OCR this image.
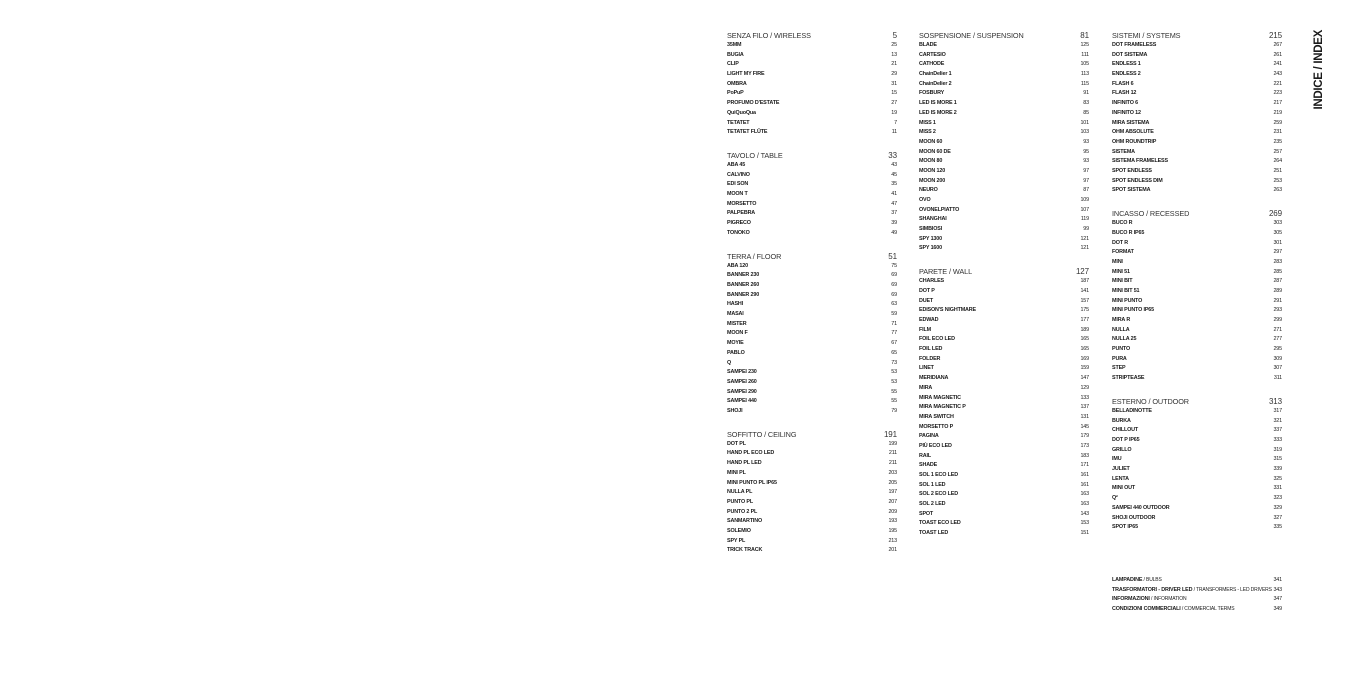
INDICE / INDEX
SENZA FILO / WIRELESS	5
35MM	25
BUGIA	13
CLIP	21
LIGHT MY FIRE	29
OMBRA	31
PoPuP	15
PROFUMO D'ESTATE	27
QuiQuoQua	19
TETATET	7
TETATET FLÛTE	11
TAVOLO / TABLE	33
ABA 45	43
CALVINO	45
EDI SON	35
MOON T	41
MORSETTO	47
PALPEBRA	37
PIGRECO	39
TONOKO	49
TERRA / FLOOR	51
ABA 120	75
BANNER 230	69
BANNER 260	69
BANNER 290	69
HASHI	63
MASAI	59
MISTER	71
MOON F	77
MOYIE	67
PABLO	65
Q	73
SAMPEI 230	53
SAMPEI 260	53
SAMPEI 290	55
SAMPEI 440	55
SHOJI	79
SOFFITTO / CEILING	191
DOT PL	199
HAND PL ECO LED	211
HAND PL LED	211
MINI PL	203
MINI PUNTO PL IP65	205
NULLA PL	197
PUNTO PL	207
PUNTO 2 PL	209
SANMARTINO	193
SOLEMIO	195
SPY PL	213
TRICK TRACK	201
SOSPENSIONE / SUSPENSION	81
BLADE	125
CARTESIO	111
CATHODE	105
ChainDelier 1	113
ChainDelier 2	115
FOSBURY	91
LED IS MORE 1	83
LED IS MORE 2	85
MISS 1	101
MISS 2	103
MOON 60	93
MOON 60 DE	95
MOON 80	93
MOON 120	97
MOON 200	97
NEURO	87
OVO	109
OVONELPIATTO	107
SHANGHAI	119
SIMBIOSI	99
SPY 1300	121
SPY 1600	121
PARETE / WALL	127
CHARLES	187
DOT P	141
DUET	157
EDISON'S NIGHTMARE	175
EDWAD	177
FILM	189
FOIL ECO LED	165
FOIL LED	165
FOLDER	169
LINET	159
MERIDIANA	147
MIRA	129
MIRA MAGNETIC	133
MIRA MAGNETIC P	137
MIRA SWITCH	131
MORSETTO P	145
PAGINA	179
PIÙ ECO LED	173
RAIL	183
SHADE	171
SOL 1 ECO LED	161
SOL 1 LED	161
SOL 2 ECO LED	163
SOL 2 LED	163
SPOT	143
TOAST ECO LED	153
TOAST LED	151
SISTEMI / SYSTEMS	215
DOT FRAMELESS	267
DOT SISTEMA	261
ENDLESS 1	241
ENDLESS 2	243
FLASH 6	221
FLASH 12	223
INFINITO 6	217
INFINITO 12	219
MIRA SISTEMA	259
OHM ABSOLUTE	231
OHM ROUNDTRIP	235
SISTEMA	257
SISTEMA FRAMELESS	264
SPOT ENDLESS	251
SPOT ENDLESS DIM	253
SPOT SISTEMA	263
INCASSO / RECESSED	269
BUCO R	303
BUCO R IP65	305
DOT R	301
FORMAT	297
MINI	283
MINI 51	285
MINI BIT	287
MINI BIT 51	289
MINI PUNTO	291
MINI PUNTO IP65	293
MIRA R	299
NULLA	271
NULLA 25	277
PUNTO	295
PURA	309
STEP	307
STRIPTEASE	311
ESTERNO / OUTDOOR	313
BELLADINOTTE	317
BURKA	321
CHILLOUT	337
DOT P IP65	333
GRILLO	319
IMU	315
JULIET	339
LENTA	325
MINI OUT	331
Q²	323
SAMPEI 440 OUTDOOR	329
SHOJI OUTDOOR	327
SPOT IP65	335
LAMPADINE / BULBS	341
TRASFORMATORI - DRIVER LED / TRANSFORMERS - LED DRIVERS 343
INFORMAZIONI / INFORMATION	347
CONDIZIONI COMMERCIALI / COMMERCIAL TERMS	349
